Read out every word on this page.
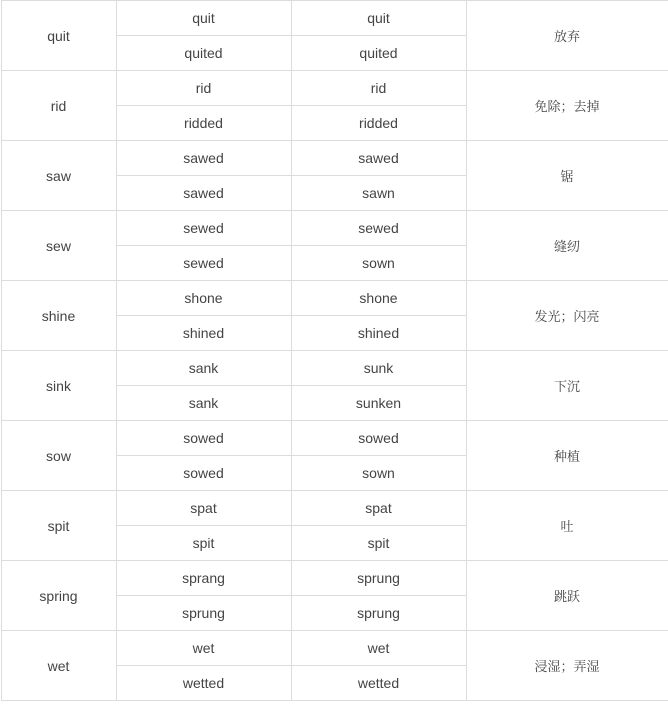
quit	quit	quit	放弃
	quited	quited	
rid	rid	rid	免除；去掉
	ridded	ridded	
saw	sawed	sawed	锯
	sawed	sawn	
sew	sewed	sewed	缝纫
	sewed	sown	
shine	shone	shone	发光；闪亮
	shined	shined	
sink	sank	sunk	下沉
	sank	sunken	
sow	sowed	sowed	种植
	sowed	sown	
spit	spat	spat	吐
	spit	spit	
spring	sprang	sprung	跳跃
	sprung	sprung	
wet	wet	wet	浸湿；弄湿
	wetted	wetted	
